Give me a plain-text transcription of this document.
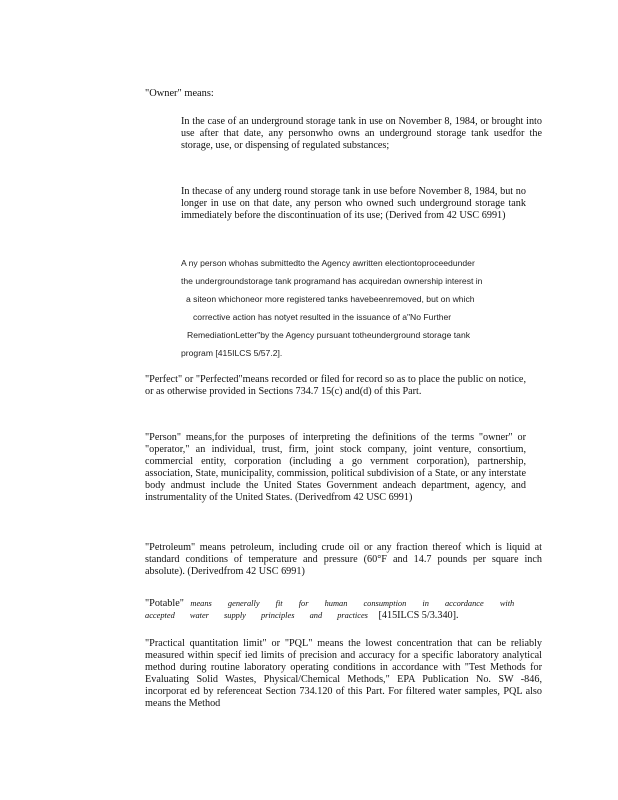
"Owner" means:

In the case of an underground storage tank in use on November 8, 1984, or brought into use after that date, any personwho owns an underground storage tank usedfor the storage, use, or dispensing of regulated substances;

In thecase of any underg round storage tank in use before November 8, 1984, but no longer in use on that date, any person who owned such underground storage tank immediately before the discontinuation of its use; (Derived from 42 USC 6991)

A ny person whohas submittedto the Agency awritten electiontoproceedunder
the undergroundstorage tank programand has acquiredan ownership interest in
a siteon whichoneor more registered tanks havebeenremoved, but on which
corrective action has notyet resulted in the issuance of a"No Further
RemediationLetter"by the Agency pursuant totheunderground storage tank
program [415ILCS 5/57.2].

"Perfect" or "Perfected"means recorded or filed for record so as to place the public on notice, or as otherwise provided in Sections 734.7 15(c) and(d) of this Part.

"Person" means,for the purposes of interpreting the definitions of the terms "owner" or "operator," an individual, trust, firm, joint stock company, joint venture, consortium, commercial entity, corporation (including a go vernment corporation), partnership, association, State, municipality, commission, political subdivision of a State, or any interstate body andmust include the United States Government andeach department, agency, and instrumentality of the United States. (Derivedfrom 42 USC 6991)

"Petroleum" means petroleum, including crude oil or any fraction thereof which is liquid at standard conditions of temperature and pressure (60°F and 14.7 pounds per square inch absolute). (Derivedfrom 42 USC 6991)

"Potable" means generally fit for human consumption in accordance with
accepted water supply principles and practices [415ILCS 5/3.340].

"Practical quantitation limit" or "PQL" means the lowest concentration that can be reliably measured within specif ied limits of precision and accuracy for a specific laboratory analytical method during routine laboratory operating conditions in accordance with "Test Methods for Evaluating Solid Wastes, Physical/Chemical Methods," EPA Publication No. SW -846, incorporat ed by referenceat Section 734.120 of this Part. For filtered water samples, PQL also means the Method
